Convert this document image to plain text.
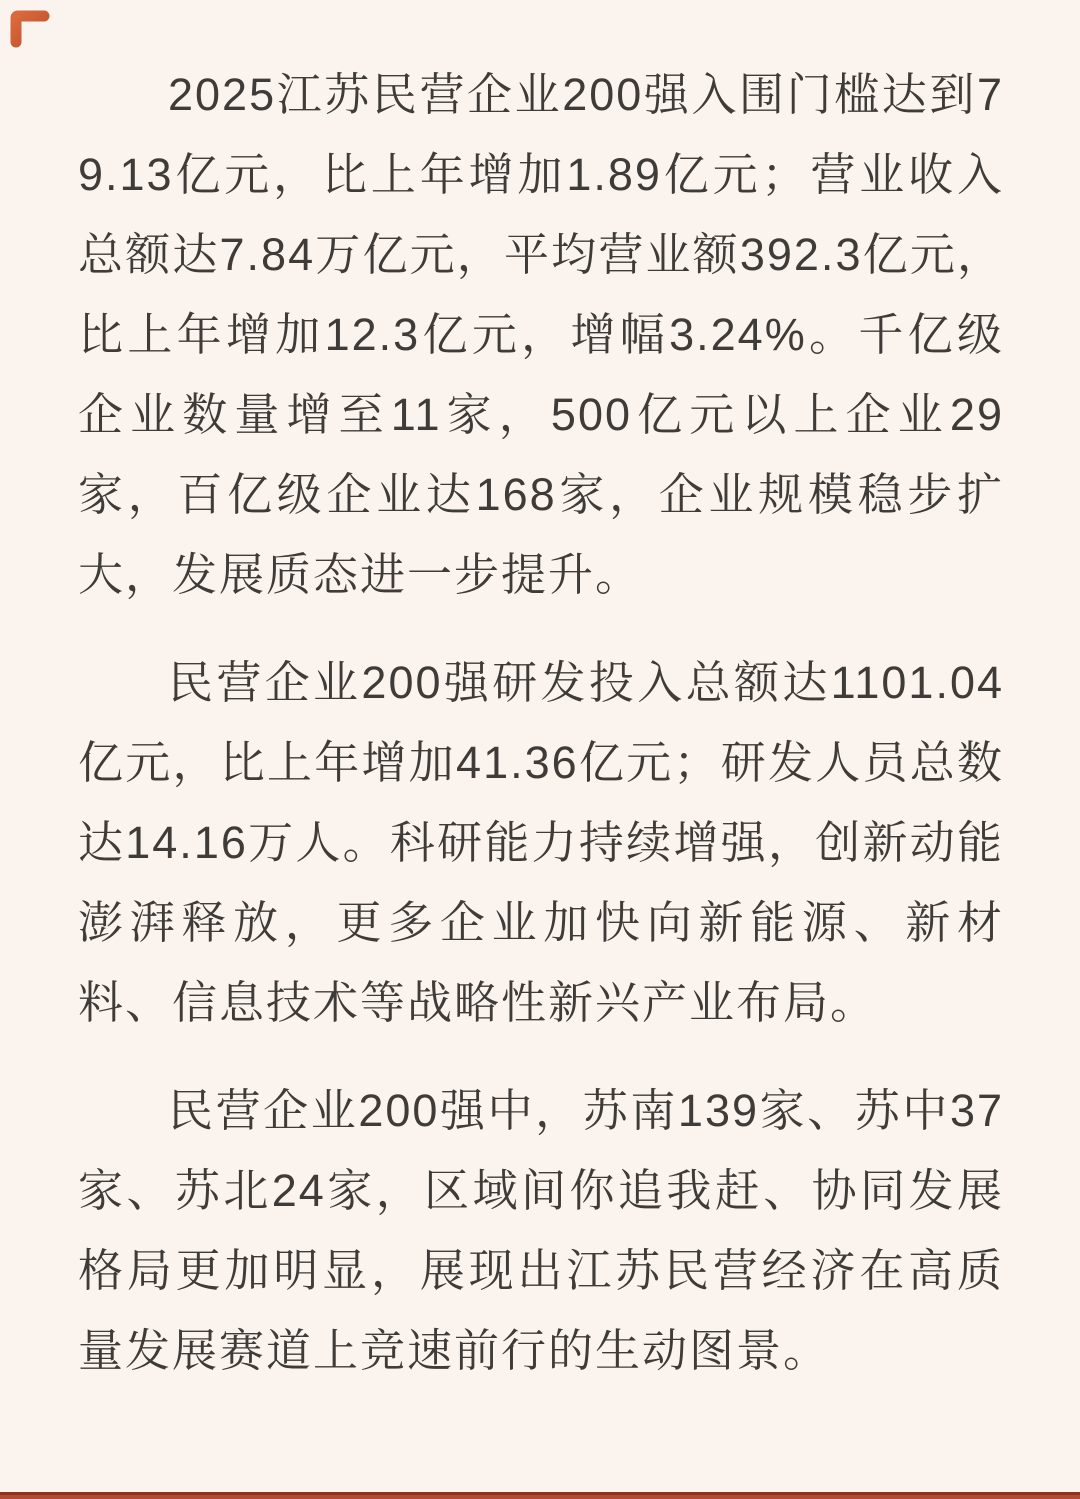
2025江苏民营企业200强入围门槛达到79.13亿元，比上年增加1.89亿元；营业收入总额达7.84万亿元，平均营业额392.3亿元，比上年增加12.3亿元，增幅3.24%。千亿级企业数量增至11家，500亿元以上企业29家，百亿级企业达168家，企业规模稳步扩大，发展质态进一步提升。

民营企业200强研发投入总额达1101.04亿元，比上年增加41.36亿元；研发人员总数达14.16万人。科研能力持续增强，创新动能澎湃释放，更多企业加快向新能源、新材料、信息技术等战略性新兴产业布局。

民营企业200强中，苏南139家、苏中37家、苏北24家，区域间你追我赶、协同发展格局更加明显，展现出江苏民营经济在高质量发展赛道上竞速前行的生动图景。
